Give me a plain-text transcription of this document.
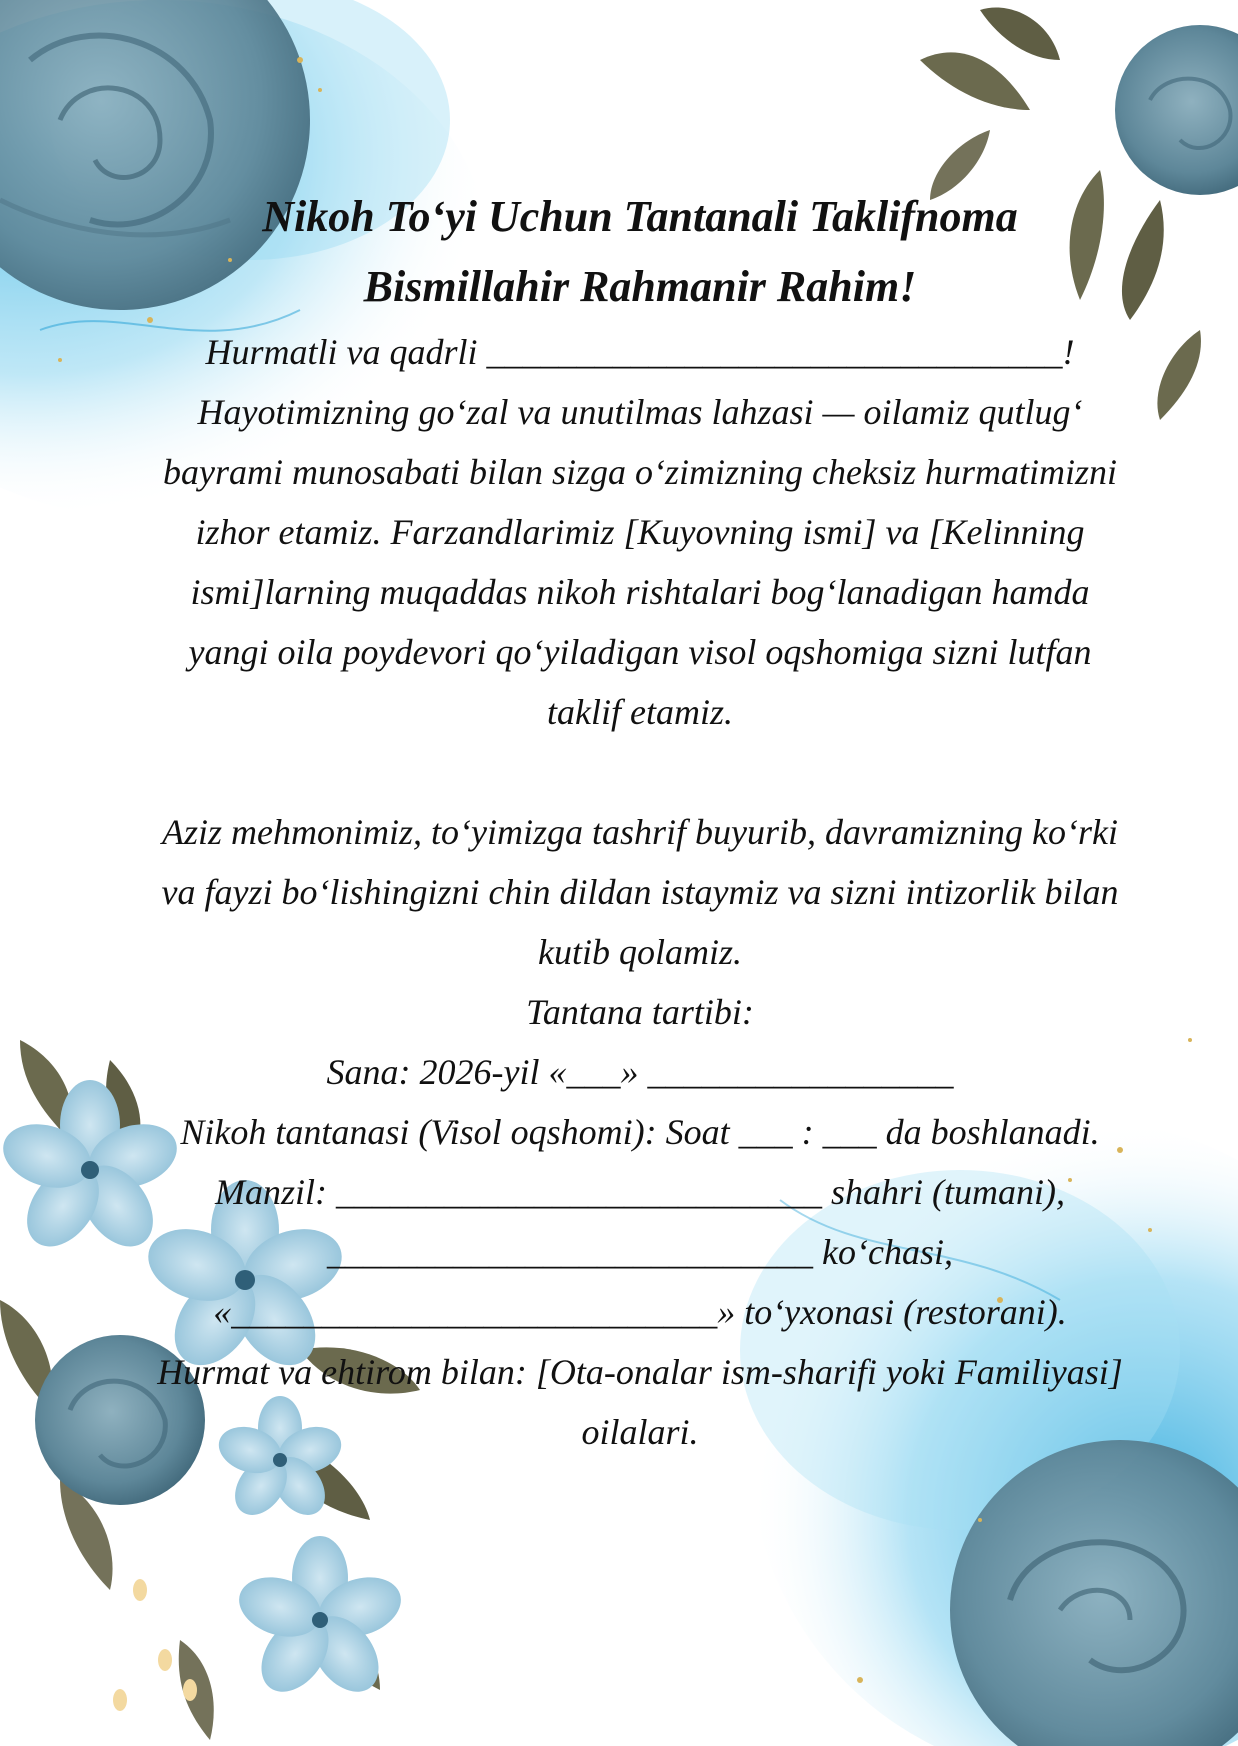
Nikoh To‘yi Uchun Tantanali Taklifnoma
Bismillahir Rahmanir Rahim!
Hurmatli va qadrli ________________________________!
Hayotimizning go‘zal va unutilmas lahzasi — oilamiz qutlug‘ bayrami munosabati bilan sizga o‘zimizning cheksiz hurmatimizni izhor etamiz. Farzandlarimiz [Kuyovning ismi] va [Kelinning ismi]larning muqaddas nikoh rishtalari bog‘lanadigan hamda yangi oila poydevori qo‘yiladigan visol oqshomiga sizni lutfan taklif etamiz.
Aziz mehmonimiz, to‘yimizga tashrif buyurib, davramizning ko‘rki va fayzi bo‘lishingizni chin dildan istaymiz va sizni intizorlik bilan kutib qolamiz.
Tantana tartibi:
Sana: 2026-yil «___» _________________
Nikoh tantanasi (Visol oqshomi): Soat ___ : ___ da boshlanadi.
Manzil: ___________________________ shahri (tumani),
___________________________ ko‘chasi,
«___________________________» to‘yxonasi (restorani).
Hurmat va ehtirom bilan: [Ota-onalar ism-sharifi yoki Familiyasi] oilalari.
